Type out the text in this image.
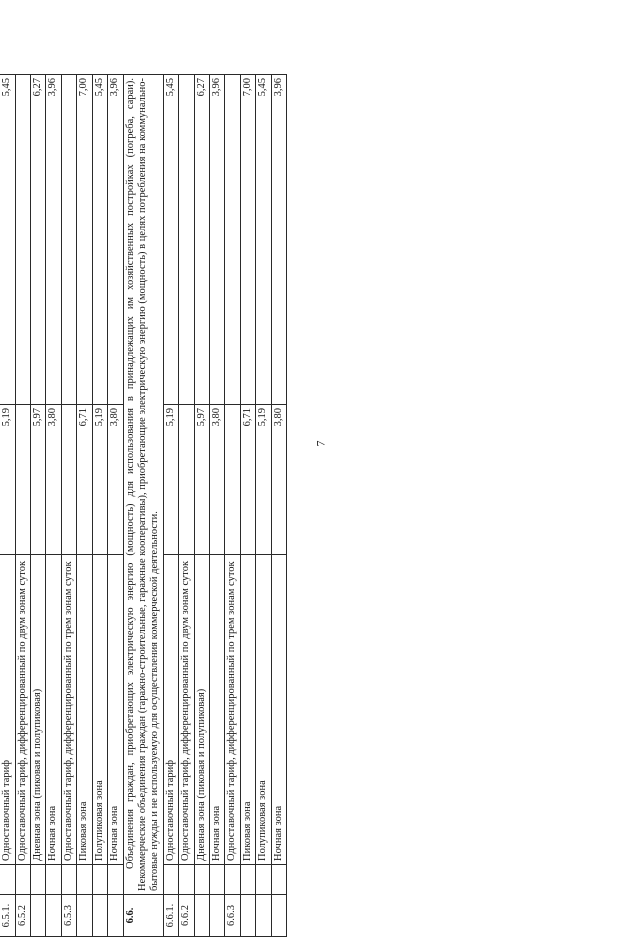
7

6.5.1.		Одноставочный тариф	5,19	5,45
6.5.2		Одноставочный тариф, дифференцированный по двум зонам суток		
		Дневная зона (пиковая и полупиковая)	5,97	6,27
		Ночная зона	3,80	3,96
6.5.3		Одноставочный тариф, дифференцированный по трем зонам суток		
		Пиковая зона	6,71	7,00
		Полупиковая зона	5,19	5,45
		Ночная зона	3,80	3,96
6.6.	Объединения граждан, приобретающих электрическую энергию (мощность) для использования в принадлежащих им хозяйственных постройках (погреба, сараи). Некоммерческие объединения граждан (гаражно-строительные, гаражные кооперативы), приобретающие электрическую энергию (мощность) в целях потребления на коммунально-бытовые нужды и не используемую для осуществления коммерческой деятельности.			
6.6.1.		Одноставочный тариф	5,19	5,45
6.6.2		Одноставочный тариф, дифференцированный по двум зонам суток		
		Дневная зона (пиковая и полупиковая)	5,97	6,27
		Ночная зона	3,80	3,96
6.6.3		Одноставочный тариф, дифференцированный по трем зонам суток		
		Пиковая зона	6,71	7,00
		Полупиковая зона	5,19	5,45
		Ночная зона	3,80	3,96
